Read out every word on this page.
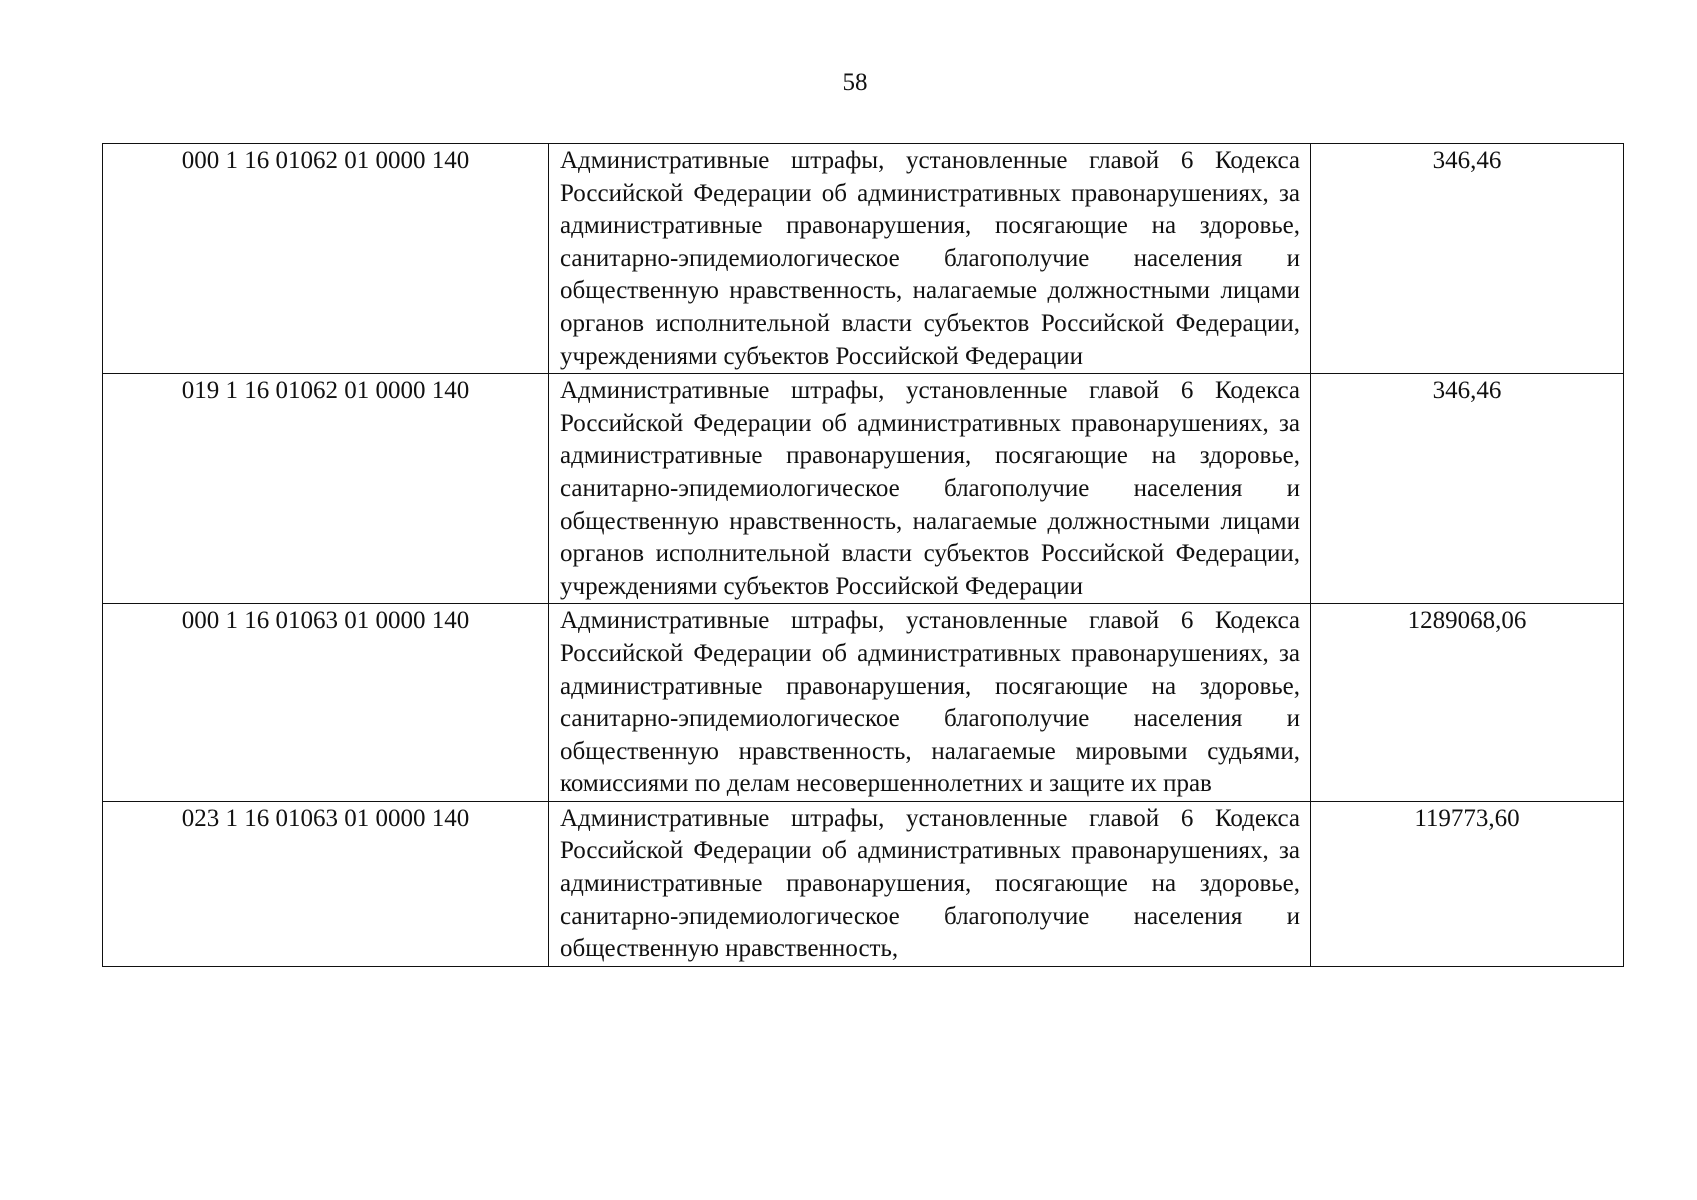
58
000 1 16 01062 01 0000 140	Административные штрафы, установленные главой 6 Кодекса Российской Федерации об административных правонарушениях, за административные правонарушения, посягающие на здоровье, санитарно-эпидемиологическое благополучие населения и общественную нравственность, налагаемые должностными лицами органов исполнительной власти субъектов Российской Федерации, учреждениями субъектов Российской Федерации	346,46
019 1 16 01062 01 0000 140	Административные штрафы, установленные главой 6 Кодекса Российской Федерации об административных правонарушениях, за административные правонарушения, посягающие на здоровье, санитарно-эпидемиологическое благополучие населения и общественную нравственность, налагаемые должностными лицами органов исполнительной власти субъектов Российской Федерации, учреждениями субъектов Российской Федерации	346,46
000 1 16 01063 01 0000 140	Административные штрафы, установленные главой 6 Кодекса Российской Федерации об административных правонарушениях, за административные правонарушения, посягающие на здоровье, санитарно-эпидемиологическое благополучие населения и общественную нравственность, налагаемые мировыми судьями, комиссиями по делам несовершеннолетних и защите их прав	1289068,06
023 1 16 01063 01 0000 140	Административные штрафы, установленные главой 6 Кодекса Российской Федерации об административных правонарушениях, за административные правонарушения, посягающие на здоровье, санитарно-эпидемиологическое благополучие населения и общественную нравственность,	119773,60
